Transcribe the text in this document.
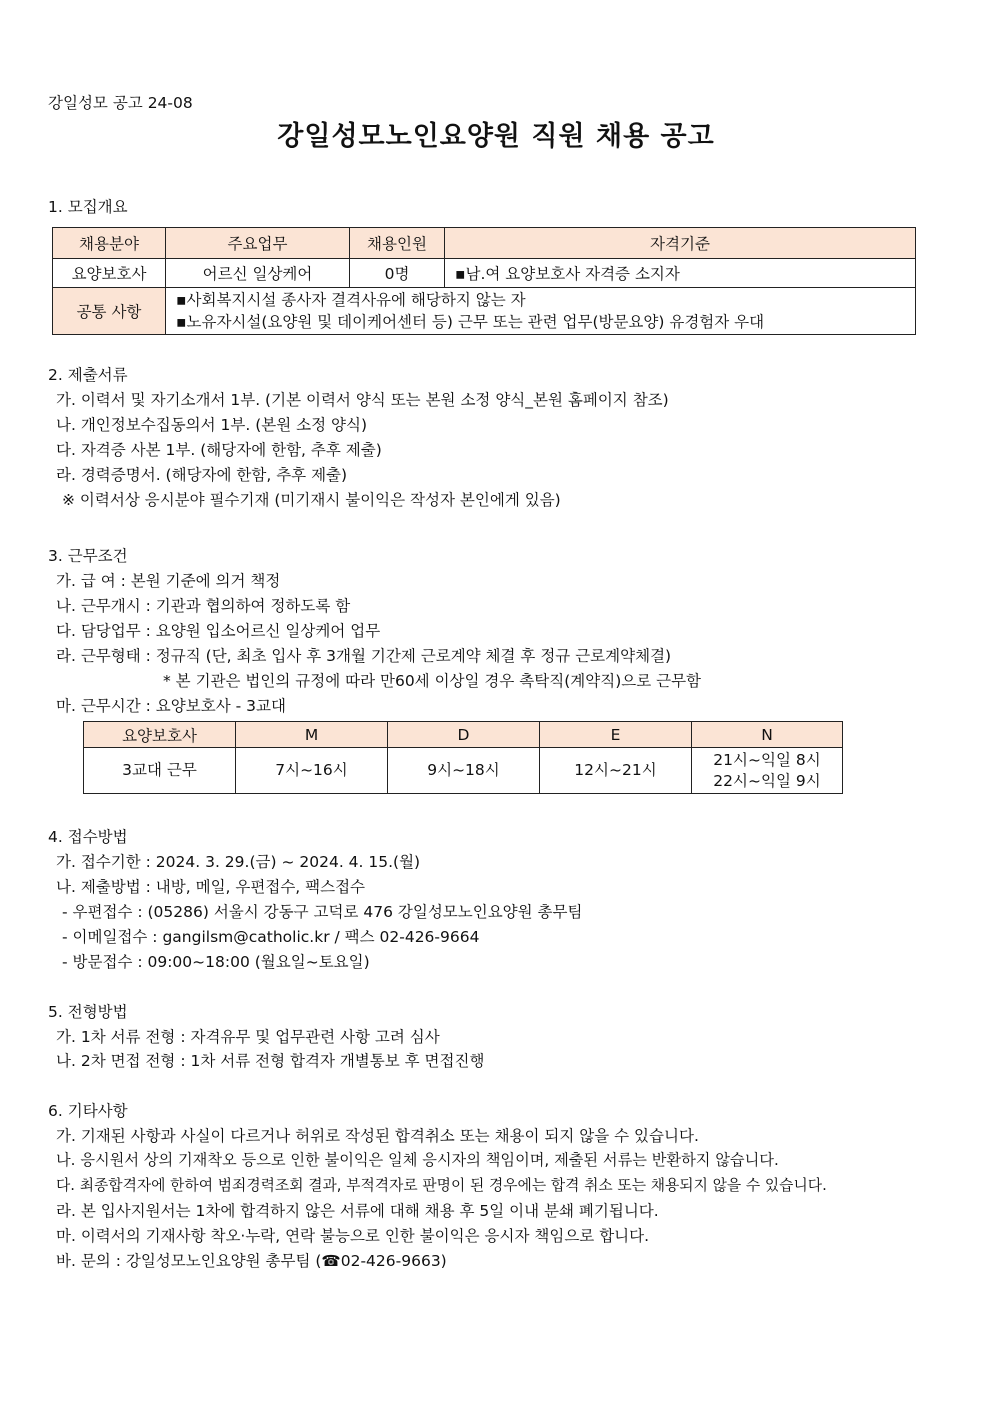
강일성모 공고 24-08
강일성모노인요양원 직원 채용 공고
1. 모집개요
채용분야	주요업무	채용인원	자격기준
요양보호사	어르신 일상케어	0명	▪남.여 요양보호사 자격증 소지자
공통 사항	▪사회복지시설 종사자 결격사유에 해당하지 않는 자
▪노유자시설(요양원 및 데이케어센터 등) 근무 또는 관련 업무(방문요양) 유경험자 우대		
2. 제출서류
가. 이력서 및 자기소개서 1부. (기본 이력서 양식 또는 본원 소정 양식_본원 홈페이지 참조)
나. 개인정보수집동의서 1부. (본원 소정 양식)
다. 자격증 사본 1부. (해당자에 한함, 추후 제출)
라. 경력증명서. (해당자에 한함, 추후 제출)
※ 이력서상 응시분야 필수기재 (미기재시 불이익은 작성자 본인에게 있음)
3. 근무조건
가. 급 여 : 본원 기준에 의거 책정
나. 근무개시 : 기관과 협의하여 정하도록 함
다. 담당업무 : 요양원 입소어르신 일상케어 업무
라. 근무형태 : 정규직 (단, 최초 입사 후 3개월 기간제 근로계약 체결 후 정규 근로계약체결)
* 본 기관은 법인의 규정에 따라 만60세 이상일 경우 촉탁직(계약직)으로 근무함
마. 근무시간 : 요양보호사 - 3교대
요양보호사	M	D	E	N
3교대 근무	7시~16시	9시~18시	12시~21시	21시~익일 8시
22시~익일 9시
4. 접수방법
가. 접수기한 : 2024. 3. 29.(금) ~ 2024. 4. 15.(월)
나. 제출방법 : 내방, 메일, 우편접수, 팩스접수
- 우편접수 : (05286) 서울시 강동구 고덕로 476 강일성모노인요양원 총무팀
- 이메일접수 : gangilsm@catholic.kr / 팩스 02-426-9664
- 방문접수 : 09:00~18:00 (월요일~토요일)
5. 전형방법
가. 1차 서류 전형 : 자격유무 및 업무관련 사항 고려 심사
나. 2차 면접 전형 : 1차 서류 전형 합격자 개별통보 후 면접진행
6. 기타사항
가. 기재된 사항과 사실이 다르거나 허위로 작성된 합격취소 또는 채용이 되지 않을 수 있습니다.
나. 응시원서 상의 기재착오 등으로 인한 불이익은 일체 응시자의 책임이며, 제출된 서류는 반환하지 않습니다.
다. 최종합격자에 한하여 범죄경력조회 결과, 부적격자로 판명이 된 경우에는 합격 취소 또는 채용되지 않을 수 있습니다.
라. 본 입사지원서는 1차에 합격하지 않은 서류에 대해 채용 후 5일 이내 분쇄 폐기됩니다.
마. 이력서의 기재사항 착오·누락, 연락 불능으로 인한 불이익은 응시자 책임으로 합니다.
바. 문의 : 강일성모노인요양원 총무팀 (☎02-426-9663)
